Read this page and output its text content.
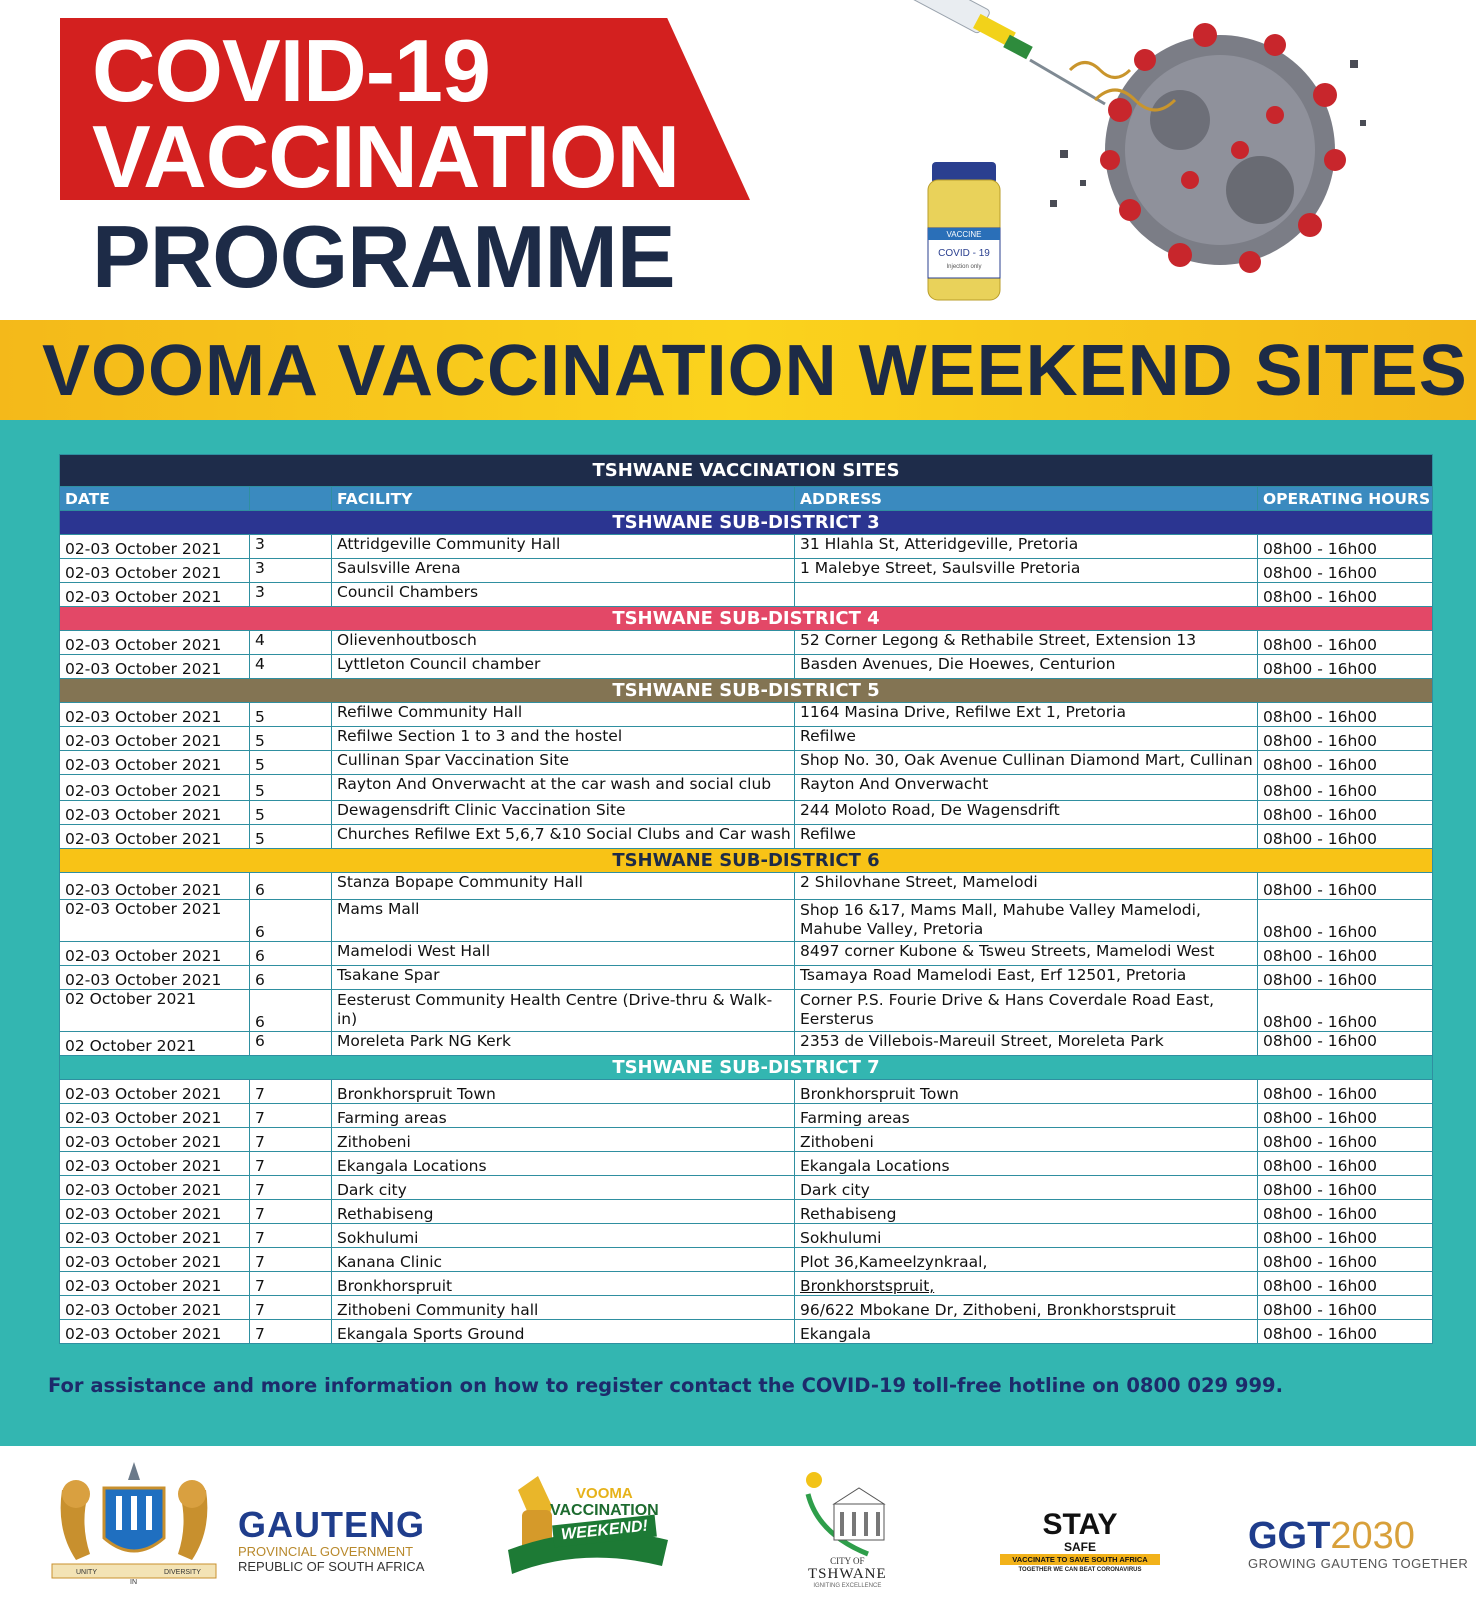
COVID-19
VACCINATION
PROGRAMME	VACCINE
COVID - 19
Injection only
VOOMA VACCINATION WEEKEND SITES
TSHWANE VACCINATION SITES				
DATE		FACILITY	ADDRESS	OPERATING HOURS
TSHWANE SUB-DISTRICT 3				
02-03 October 2021	3	Attridgeville Community Hall	31 Hlahla St, Atteridgeville, Pretoria	08h00 - 16h00
02-03 October 2021	3	Saulsville Arena	1 Malebye Street, Saulsville Pretoria	08h00 - 16h00
02-03 October 2021	3	Council Chambers		08h00 - 16h00
TSHWANE SUB-DISTRICT 4				
02-03 October 2021	4	Olievenhoutbosch	52 Corner Legong & Rethabile Street, Extension 13	08h00 - 16h00
02-03 October 2021	4	Lyttleton Council chamber	Basden Avenues, Die Hoewes, Centurion	08h00 - 16h00
TSHWANE SUB-DISTRICT 5				
02-03 October 2021	5	Refilwe Community Hall	1164 Masina Drive, Refilwe Ext 1, Pretoria	08h00 - 16h00
02-03 October 2021	5	Refilwe Section 1 to 3 and the hostel	Refilwe	08h00 - 16h00
02-03 October 2021	5	Cullinan Spar Vaccination Site	Shop No. 30, Oak Avenue Cullinan Diamond Mart, Cullinan	08h00 - 16h00
02-03 October 2021	5	Rayton And Onverwacht at the car wash and social club	Rayton And Onverwacht	08h00 - 16h00
02-03 October 2021	5	Dewagensdrift Clinic Vaccination Site	244 Moloto Road, De Wagensdrift	08h00 - 16h00
02-03 October 2021	5	Churches Refilwe Ext 5,6,7 &10 Social Clubs and Car wash	Refilwe	08h00 - 16h00
TSHWANE SUB-DISTRICT 6				
02-03 October 2021	6	Stanza Bopape Community Hall	2 Shilovhane Street, Mamelodi	08h00 - 16h00
02-03 October 2021	6	Mams Mall	Shop 16 &17, Mams Mall, Mahube Valley Mamelodi, Mahube Valley, Pretoria	08h00 - 16h00
02-03 October 2021	6	Mamelodi West Hall	8497 corner Kubone & Tsweu Streets, Mamelodi West	08h00 - 16h00
02-03 October 2021	6	Tsakane Spar	Tsamaya Road Mamelodi East, Erf 12501, Pretoria	08h00 - 16h00
02 October 2021	6	Eesterust Community Health Centre (Drive-thru & Walk-in)	Corner P.S. Fourie Drive & Hans Coverdale Road East, Eersterus	08h00 - 16h00
02 October 2021	6	Moreleta Park NG Kerk	2353 de Villebois-Mareuil Street, Moreleta Park	08h00 - 16h00
TSHWANE SUB-DISTRICT 7				
02-03 October 2021	7	Bronkhorspruit Town	Bronkhorspruit Town	08h00 - 16h00
02-03 October 2021	7	Farming areas	Farming areas	08h00 - 16h00
02-03 October 2021	7	Zithobeni	Zithobeni	08h00 - 16h00
02-03 October 2021	7	Ekangala Locations	Ekangala Locations	08h00 - 16h00
02-03 October 2021	7	Dark city	Dark city	08h00 - 16h00
02-03 October 2021	7	Rethabiseng	Rethabiseng	08h00 - 16h00
02-03 October 2021	7	Sokhulumi	Sokhulumi	08h00 - 16h00
02-03 October 2021	7	Kanana Clinic	Plot 36,Kameelzynkraal,	08h00 - 16h00
02-03 October 2021	7	Bronkhorspruit	Bronkhorstspruit,	08h00 - 16h00
02-03 October 2021	7	Zithobeni Community hall	96/622 Mbokane Dr, Zithobeni, Bronkhorstspruit	08h00 - 16h00
02-03 October 2021	7	Ekangala Sports Ground	Ekangala	08h00 - 16h00
For assistance and more information on how to register contact the COVID-19 toll-free hotline on 0800 029 999.
UNITY
IN
DIVERSITY
GAUTENG
PROVINCIAL GOVERNMENT
REPUBLIC OF SOUTH AFRICA
VOOMA
VACCINATION
WEEKEND!
CITY OF
TSHWANE
IGNITING EXCELLENCE
STAY
SAFE
VACCINATE TO SAVE SOUTH AFRICA
TOGETHER WE CAN BEAT CORONAVIRUS
GGT2030
GROWING GAUTENG TOGETHER
